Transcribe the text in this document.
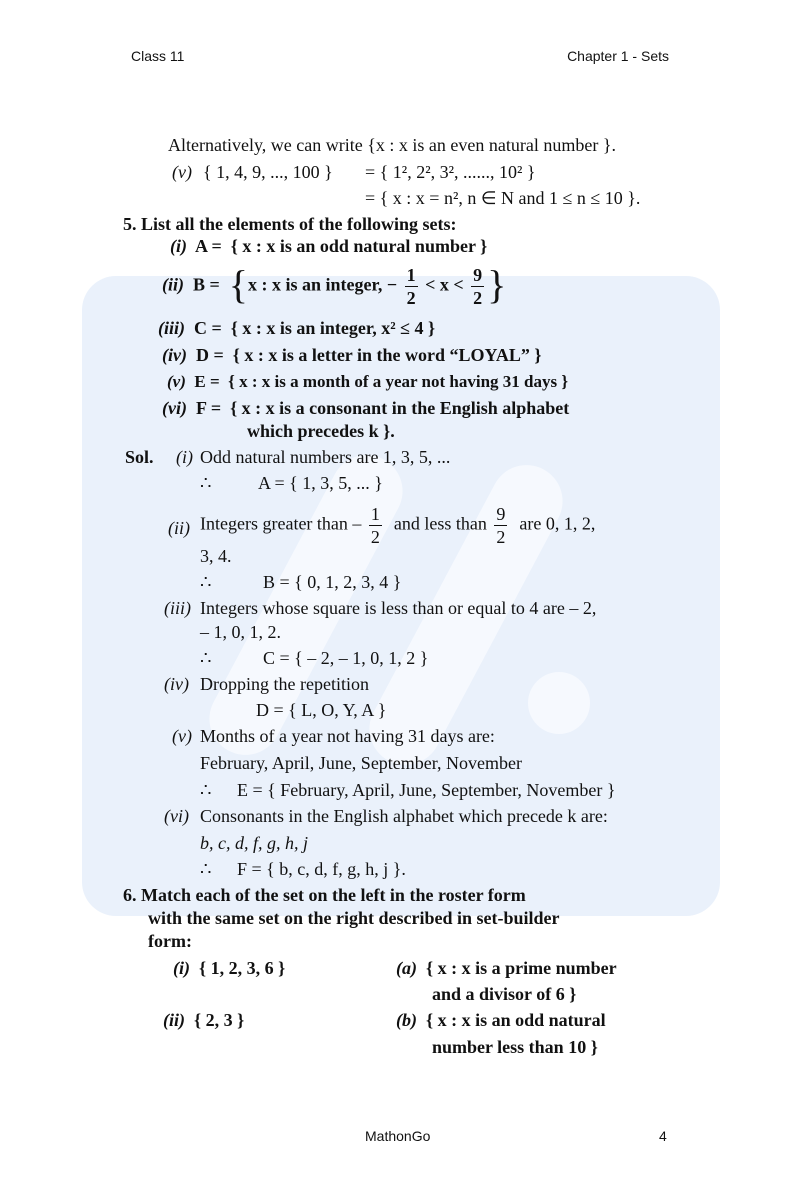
Class 11	Chapter 1 - Sets
Alternatively, we can write {x : x is an even natural number }.
(v) { 1, 4, 9, ..., 100 } = { 1², 2², 3², ......, 10² }
= { x : x = n², n ∈ N and 1 ≤ n ≤ 10 }.
5. List all the elements of the following sets:
(i) A =  { x : x is an odd natural number }
(ii) B =  {x : x is an integer, − $\frac{1}{2} < x < \frac{9}{2}$ }
(iii) C =  { x : x is an integer, x² ≤ 4 }
(iv) D =  { x : x is a letter in the word “LOYAL” }
(v) E =  { x : x is a month of a year not having 31 days }
(vi) F =  { x : x is a consonant in the English alphabet
which precedes k }.
Sol. (i) Odd natural numbers are 1, 3, 5, ...
∴	A = { 1, 3, 5, ... }
(ii) Integers greater than – $\frac{1}{2}$ and less than $\frac{9}{2}$ are 0, 1, 2,
3, 4.
∴	B = { 0, 1, 2, 3, 4 }
(iii) Integers whose square is less than or equal to 4 are – 2,
– 1, 0, 1, 2.
∴	C = { – 2, – 1, 0, 1, 2 }
(iv) Dropping the repetition
D = { L, O, Y, A }
(v) Months of a year not having 31 days are:
February, April, June, September, November
∴ E = { February, April, June, September, November }
(vi) Consonants in the English alphabet which precede k are:
b, c, d, f, g, h, j
∴ F = { b, c, d, f, g, h, j }.
6. Match each of the set on the left in the roster form
with the same set on the right described in set-builder
form:
(i) { 1, 2, 3, 6 }	(a) { x : x is a prime number
and a divisor of 6 }
(ii) { 2, 3 }	(b) { x : x is an odd natural
number less than 10 }
MathonGo	4
